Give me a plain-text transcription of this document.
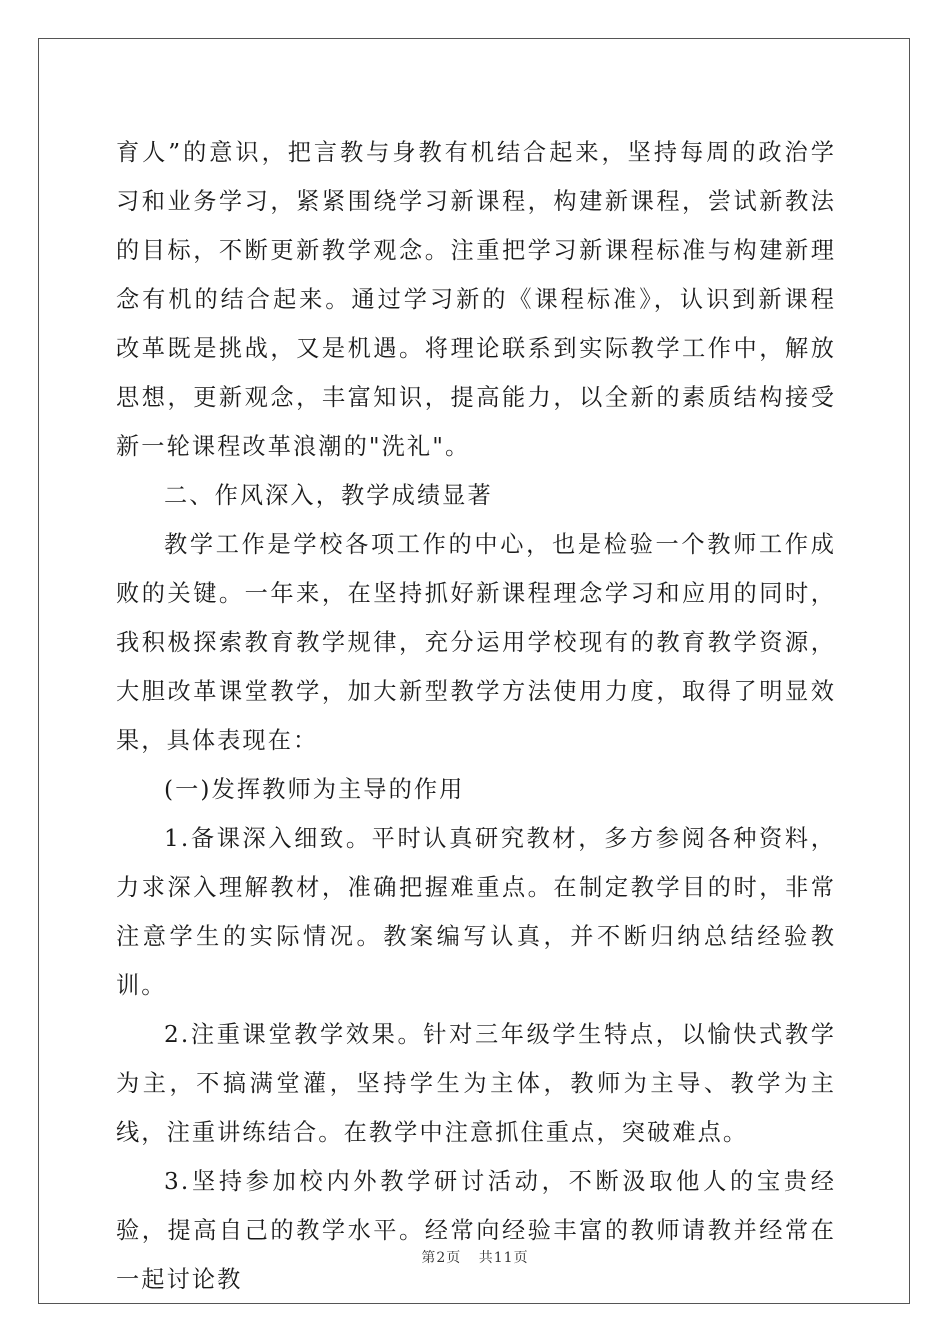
育人”的意识，把言教与身教有机结合起来，坚持每周的政治学习和业务学习，紧紧围绕学习新课程，构建新课程，尝试新教法的目标，不断更新教学观念。注重把学习新课程标准与构建新理念有机的结合起来。通过学习新的《课程标准》，认识到新课程改革既是挑战，又是机遇。将理论联系到实际教学工作中，解放思想，更新观念，丰富知识，提高能力，以全新的素质结构接受新一轮课程改革浪潮的"洗礼"。

二、作风深入，教学成绩显著

教学工作是学校各项工作的中心，也是检验一个教师工作成败的关键。一年来，在坚持抓好新课程理念学习和应用的同时，我积极探索教育教学规律，充分运用学校现有的教育教学资源，大胆改革课堂教学，加大新型教学方法使用力度，取得了明显效果，具体表现在：

(一)发挥教师为主导的作用

1.备课深入细致。平时认真研究教材，多方参阅各种资料，力求深入理解教材，准确把握难重点。在制定教学目的时，非常注意学生的实际情况。教案编写认真，并不断归纳总结经验教训。

2.注重课堂教学效果。针对三年级学生特点，以愉快式教学为主，不搞满堂灌，坚持学生为主体，教师为主导、教学为主线，注重讲练结合。在教学中注意抓住重点，突破难点。

3.坚持参加校内外教学研讨活动，不断汲取他人的宝贵经验，提高自己的教学水平。经常向经验丰富的教师请教并经常在一起讨论教

第2页 共11页
